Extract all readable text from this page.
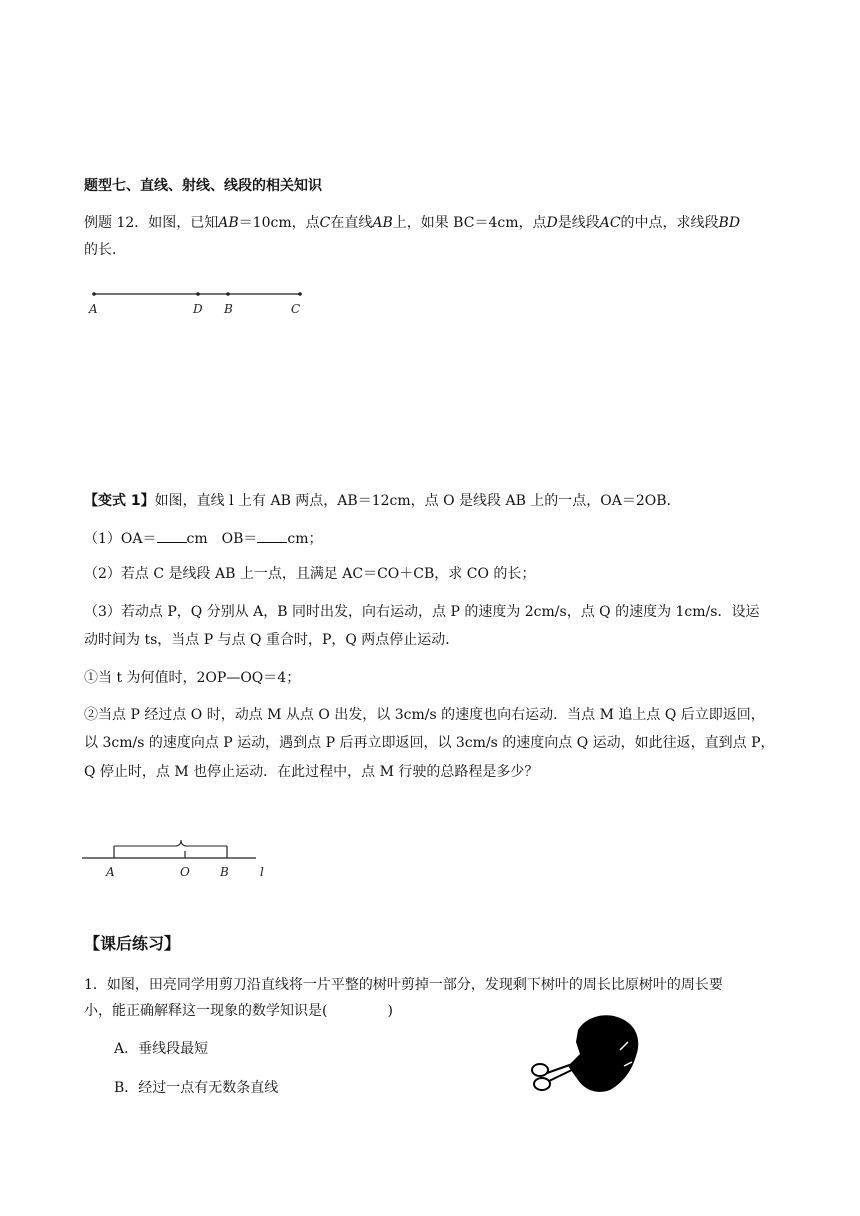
题型七、直线、射线、线段的相关知识
例题 12．如图，已知AB＝10cm，点C在直线AB上，如果 BC＝4cm，点D是线段AC的中点，求线段BD
的长．
A	D B	C
【变式 1】如图，直线 l 上有 AB 两点，AB＝12cm，点 O 是线段 AB 上的一点，OA＝2OB．
（1）OA＝ cm　OB＝ cm；
（2）若点 C 是线段 AB 上一点，且满足 AC＝CO＋CB，求 CO 的长；
（3）若动点 P，Q 分别从 A，B 同时出发，向右运动，点 P 的速度为 2cm/s，点 Q 的速度为 1cm/s．设运
动时间为 ts，当点 P 与点 Q 重合时，P，Q 两点停止运动．
①当 t 为何值时，2OP—OQ＝4；
②当点 P 经过点 O 时，动点 M 从点 O 出发，以 3cm/s 的速度也向右运动．当点 M 追上点 Q 后立即返回，
以 3cm/s 的速度向点 P 运动，遇到点 P 后再立即返回，以 3cm/s 的速度向点 Q 运动，如此往返，直到点 P，
Q 停止时，点 M 也停止运动．在此过程中，点 M 行驶的总路程是多少？
A	O	B	l
【课后练习】
1．如图，田亮同学用剪刀沿直线将一片平整的树叶剪掉一部分，发现剩下树叶的周长比原树叶的周长要
小，能正确解释这一现象的数学知识是(	)
A．垂线段最短
B．经过一点有无数条直线
